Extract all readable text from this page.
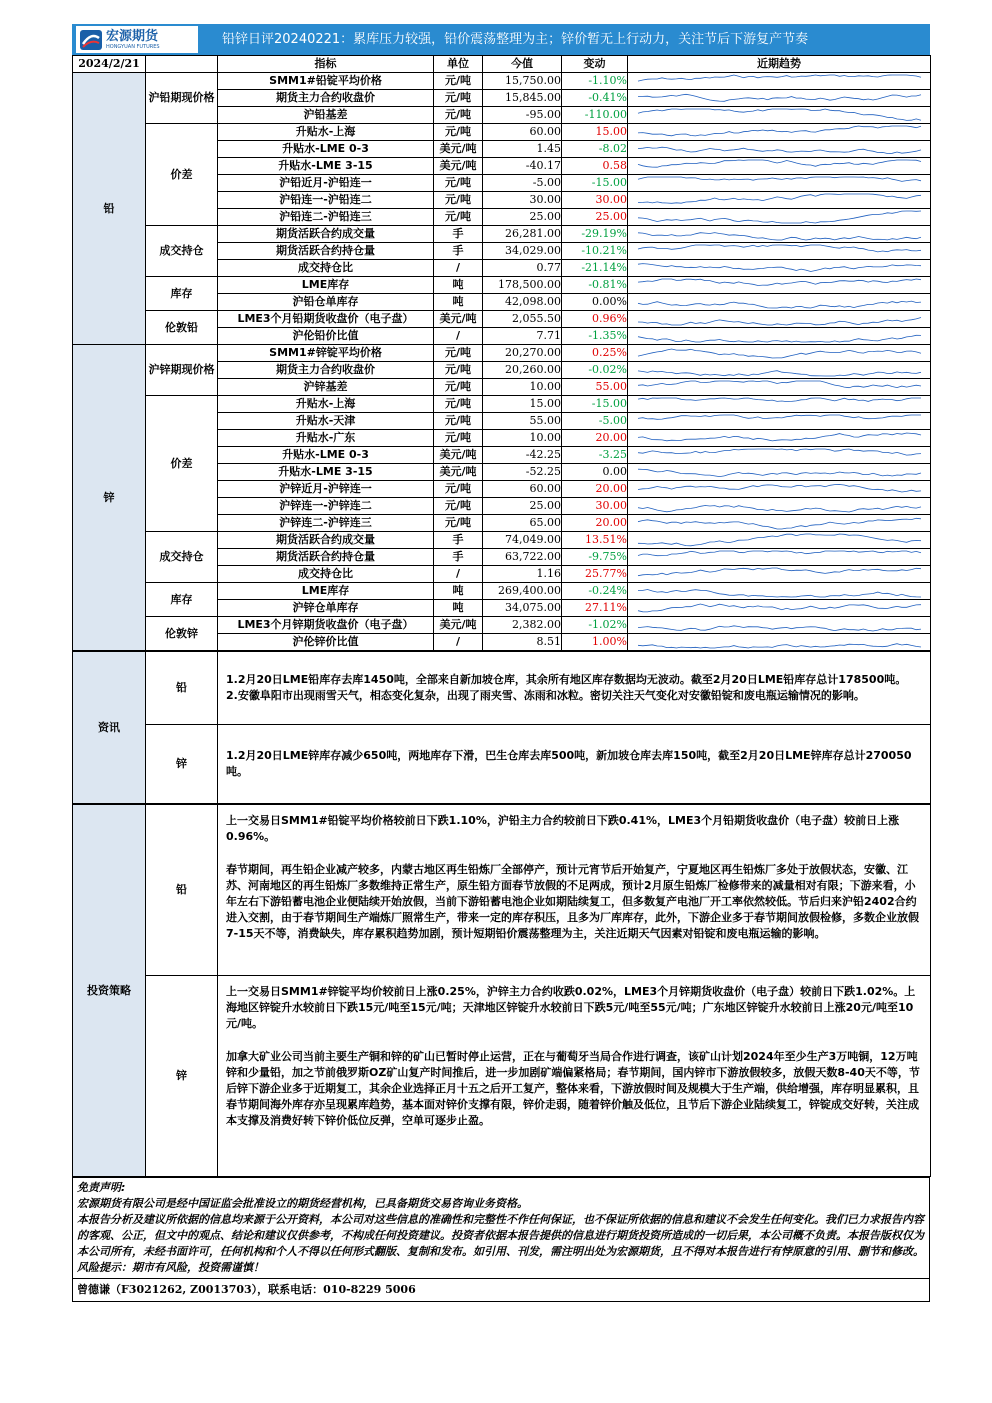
宏源期货
HONGYUAN FUTURES	铅锌日评20240221：累库压力较强，铅价震荡整理为主；锌价暂无上行动力，关注节后下游复产节奏
2024/2/21		指标	单位	今值	变动	近期趋势
铅	沪铅期现价格	SMM1#铅锭平均价格	元/吨	15,750.00	-1.10%	

		期货主力合约收盘价	元/吨	15,845.00	-0.41%	

		沪铅基差	元/吨	-95.00	-110.00	

	价差	升贴水-上海	元/吨	60.00	15.00	

		升贴水-LME 0-3	美元/吨	1.45	-8.02	

		升贴水-LME 3-15	美元/吨	-40.17	0.58	

		沪铅近月-沪铅连一	元/吨	-5.00	-15.00	

		沪铅连一-沪铅连二	元/吨	30.00	30.00	

		沪铅连二-沪铅连三	元/吨	25.00	25.00	

	成交持仓	期货活跃合约成交量	手	26,281.00	-29.19%	

		期货活跃合约持仓量	手	34,029.00	-10.21%	

		成交持仓比	/	0.77	-21.14%	

	库存	LME库存	吨	178,500.00	-0.81%	

		沪铅仓单库存	吨	42,098.00	0.00%	

	伦敦铅	LME3个月铅期货收盘价（电子盘）	美元/吨	2,055.50	0.96%	

		沪伦铅价比值	/	7.71	-1.35%	

锌	沪锌期现价格	SMM1#锌锭平均价格	元/吨	20,270.00	0.25%	

		期货主力合约收盘价	元/吨	20,260.00	-0.02%	

		沪锌基差	元/吨	10.00	55.00	

	价差	升贴水-上海	元/吨	15.00	-15.00	

		升贴水-天津	元/吨	55.00	-5.00	

		升贴水-广东	元/吨	10.00	20.00	

		升贴水-LME 0-3	美元/吨	-42.25	-3.25	

		升贴水-LME 3-15	美元/吨	-52.25	0.00	

		沪锌近月-沪锌连一	元/吨	60.00	20.00	

		沪锌连一-沪锌连二	元/吨	25.00	30.00	

		沪锌连二-沪锌连三	元/吨	65.00	20.00	

	成交持仓	期货活跃合约成交量	手	74,049.00	13.51%	

		期货活跃合约持仓量	手	63,722.00	-9.75%	

		成交持仓比	/	1.16	25.77%	

	库存	LME库存	吨	269,400.00	-0.24%	

		沪锌仓单库存	吨	34,075.00	27.11%	

	伦敦锌	LME3个月锌期货收盘价（电子盘）	美元/吨	2,382.00	-1.02%	

		沪伦锌价比值	/	8.51	1.00%	
资讯	铅	1.2月20日LME铅库存去库1450吨，全部来自新加坡仓库，其余所有地区库存数据均无波动。截至2月20日LME铅库存总计178500吨。
2.安徽阜阳市出现雨雪天气，相态变化复杂，出现了雨夹雪、冻雨和冰粒。密切关注天气变化对安徽铅锭和废电瓶运输情况的影响。

	锌	1.2月20日LME锌库存减少650吨，两地库存下滑，巴生仓库去库500吨，新加坡仓库去库150吨，截至2月20日LME锌库存总计270050吨。
投资策略	铅	上一交易日SMM1#铅锭平均价格较前日下跌1.10%，沪铅主力合约较前日下跌0.41%，LME3个月铅期货收盘价（电子盘）较前日上涨0.96%。

春节期间，再生铅企业减产较多，内蒙古地区再生铅炼厂全部停产，预计元宵节后开始复产，宁夏地区再生铅炼厂多处于放假状态，安徽、江苏、河南地区的再生铅炼厂多数维持正常生产，原生铅方面春节放假的不足两成，预计2月原生铅炼厂检修带来的减量相对有限；下游来看，小年左右下游铅蓄电池企业便陆续开始放假，当前下游铅蓄电池企业如期陆续复工，但多数复产电池厂开工率依然较低。节后归来沪铅2402合约进入交割，由于春节期间生产端炼厂照常生产，带来一定的库存积压，且多为厂库库存，此外，下游企业多于春节期间放假检修，多数企业放假7-15天不等，消费缺失，库存累积趋势加剧，预计短期铅价震荡整理为主，关注近期天气因素对铅锭和废电瓶运输的影响。

	锌	上一交易日SMM1#锌锭平均价较前日上涨0.25%，沪锌主力合约收跌0.02%，LME3个月锌期货收盘价（电子盘）较前日下跌1.02%。上海地区锌锭升水较前日下跌15元/吨至15元/吨；天津地区锌锭升水较前日下跌5元/吨至55元/吨；广东地区锌锭升水较前日上涨20元/吨至10元/吨。

加拿大矿业公司当前主要生产铜和锌的矿山已暂时停止运营，正在与葡萄牙当局合作进行调查，该矿山计划2024年至少生产3万吨铜，12万吨锌和少量铅，加之节前俄罗斯OZ矿山复产时间推后，进一步加剧矿端偏紧格局；春节期间，国内锌市下游放假较多，放假天数8-40天不等，节后锌下游企业多于近期复工，其余企业选择正月十五之后开工复产，整体来看，下游放假时间及规模大于生产端，供给增强，库存明显累积，且春节期间海外库存亦呈现累库趋势，基本面对锌价支撑有限，锌价走弱，随着锌价触及低位，且节后下游企业陆续复工，锌锭成交好转，关注成本支撑及消费好转下锌价低位反弹，空单可逐步止盈。

免责声明:
宏源期货有限公司是经中国证监会批准设立的期货经营机构，已具备期货交易咨询业务资格。
本报告分析及建议所依据的信息均来源于公开资料，本公司对这些信息的准确性和完整性不作任何保证，也不保证所依据的信息和建议不会发生任何变化。我们已力求报告内容的客观、公正，但文中的观点、结论和建议仅供参考，不构成任何投资建议。投资者依据本报告提供的信息进行期货投资所造成的一切后果，本公司概不负责。本报告版权仅为本公司所有，未经书面许可，任何机构和个人不得以任何形式翻版、复制和发布。如引用、刊发，需注明出处为宏源期货，且不得对本报告进行有悖原意的引用、删节和修改。
风险提示：期市有风险，投资需谨慎！

曾德谦（F3021262, Z0013703），联系电话：010-8229 5006
